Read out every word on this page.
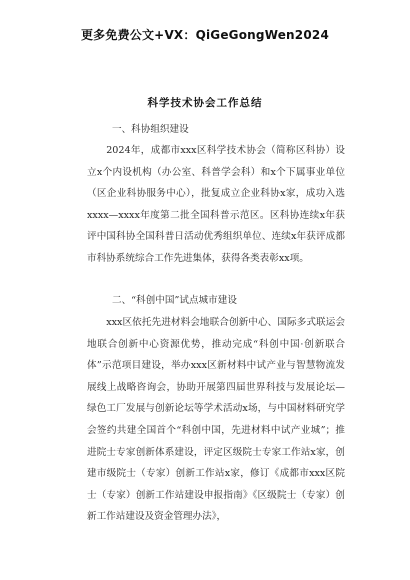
更多免费公文+VX：QiGeGongWen2024
科学技术协会工作总结

一、科协组织建设

2024年，成都市xxx区科学技术协会（简称区科协）设立x个内设机构（办公室、科普学会科）和x个下属事业单位（区企业科协服务中心），批复成立企业科协x家，成功入选xxxx—xxxx年度第二批全国科普示范区。区科协连续x年获评中国科协全国科普日活动优秀组织单位、连续x年获评成都市科协系统综合工作先进集体，获得各类表彰xx项。

二、“科创中国”试点城市建设

xxx区依托先进材料会地联合创新中心、国际多式联运会地联合创新中心资源优势，推动完成“科创中国·创新联合体”示范项目建设，举办xxx区新材料中试产业与智慧物流发展线上战略咨询会，协助开展第四届世界科技与发展论坛—绿色工厂发展与创新论坛等学术活动x场，与中国材料研究学会签约共建全国首个“科创中国，先进材料中试产业城”；推进院士专家创新体系建设，评定区级院士专家工作站x家，创建市级院士（专家）创新工作站x家，修订《成都市xxx区院士（专家）创新工作站建设申报指南》《区级院士（专家）创新工作站建设及资金管理办法》，
